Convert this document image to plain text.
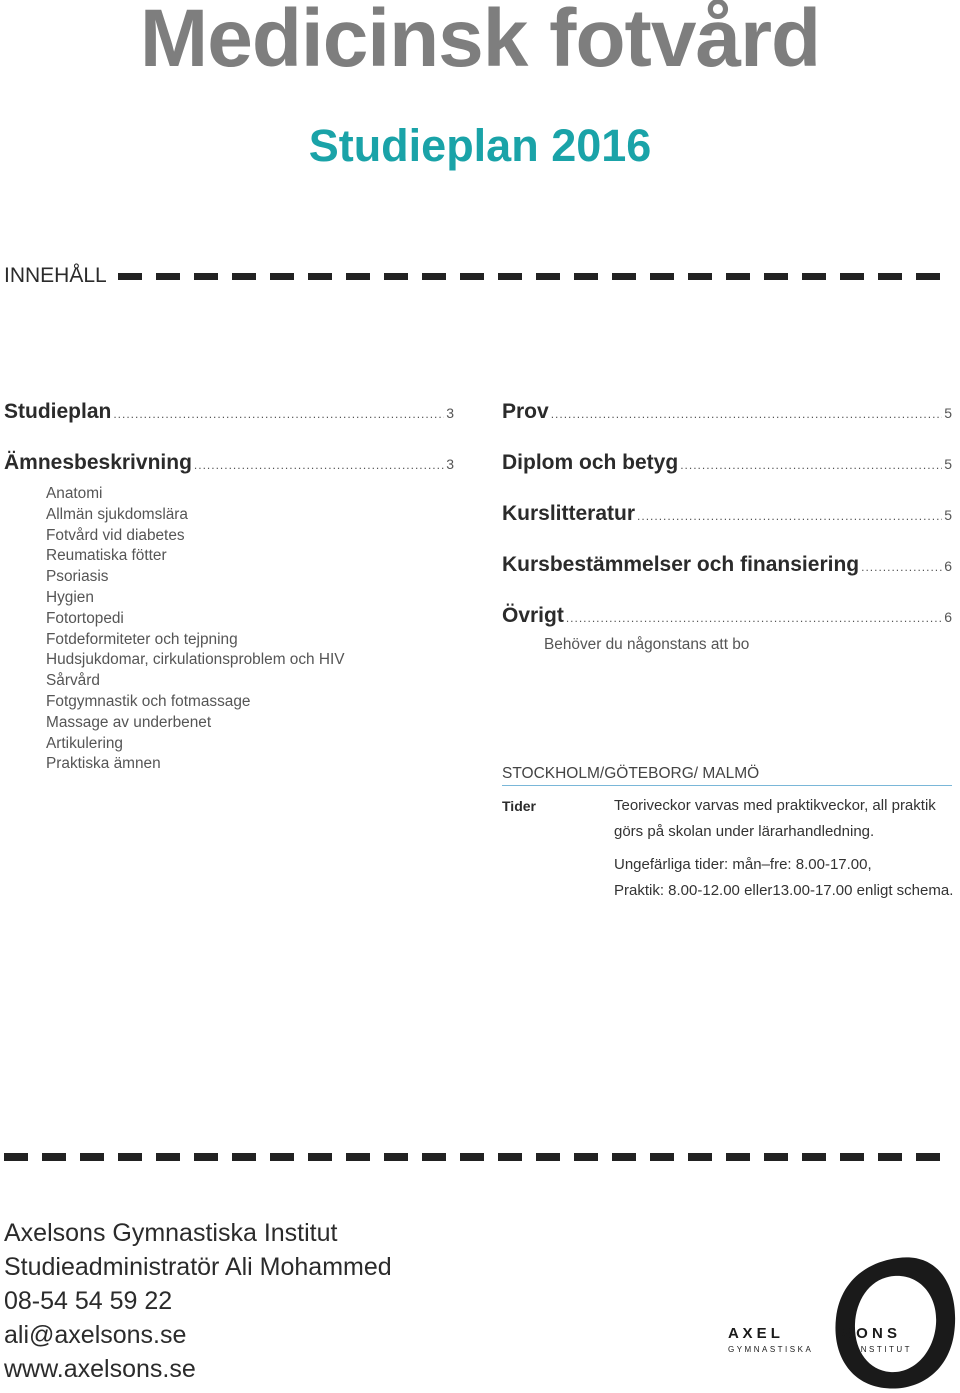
Medicinsk fotvård
Studieplan 2016
INNEHÅLL
Studieplan .....	3
Ämnesbeskrivning .....	3
Anatomi
Allmän sjukdomslära
Fotvård vid diabetes
Reumatiska fötter
Psoriasis
Hygien
Fotortopedi
Fotdeformiteter och tejpning
Hudsjukdomar, cirkulationsproblem och HIV
Sårvård
Fotgymnastik och fotmassage
Massage av underbenet
Artikulering
Praktiska ämnen
Prov .....	5
Diplom och betyg .....	5
Kurslitteratur .....	5
Kursbestämmelser och finansiering .....	6
Övrigt .....	6
Behöver du någonstans att bo
STOCKHOLM/GÖTEBORG/ MALMÖ
Tider	Teoriveckor varvas med praktikveckor, all praktik
görs på skolan under lärarhandledning.
Ungefärliga tider: mån–fre: 8.00-17.00,
Praktik: 8.00-12.00 eller13.00-17.00 enligt schema.
Axelsons Gymnastiska Institut
Studieadministratör Ali Mohammed
08-54 54 59 22
ali@axelsons.se
www.axelsons.se
A X E L	S O N S
GYMNASTISKA	INSTITUT
